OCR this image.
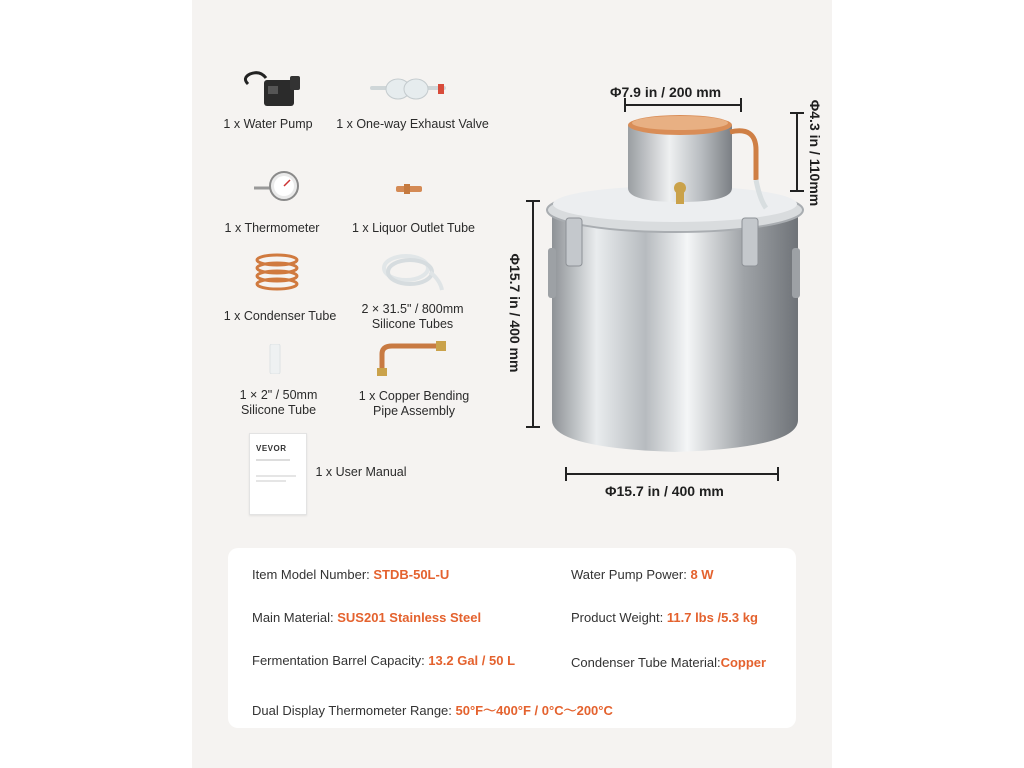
1 x Water Pump	1 x One-way Exhaust Valve
1 x Thermometer	1 x Liquor Outlet Tube
1 x Condenser Tube	2 × 31.5" / 800mm
Silicone Tubes
1 × 2" / 50mm
Silicone Tube
1 x Copper Bending
Pipe Assembly
VEVOR
1 x User Manual
Φ7.9 in / 200 mm
Φ4.3 in / 110mm
Φ15.7 in / 400 mm
Φ15.7 in / 400 mm
Item Model Number: STDB-50L-U	Water Pump Power: 8 W
Main Material: SUS201 Stainless Steel	Product Weight: 11.7 lbs /5.3 kg
Fermentation Barrel Capacity: 13.2 Gal / 50 L	Condenser Tube Material:Copper
Dual Display Thermometer Range: 50°F～400°F / 0°C～200°C
